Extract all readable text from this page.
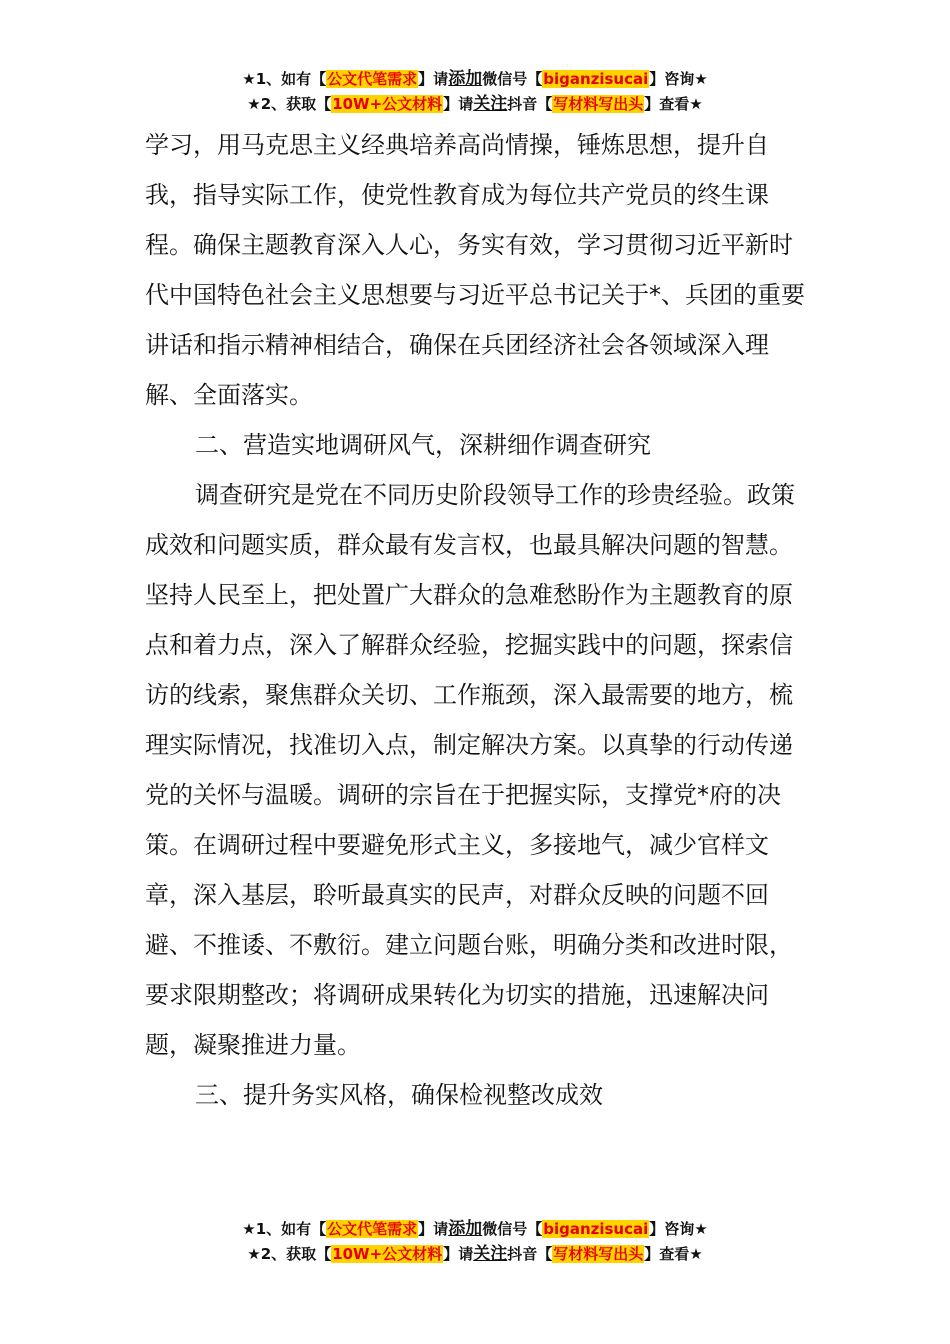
★1、如有【公文代笔需求】请添加微信号【biganzisucai】咨询★
★2、获取【10W+公文材料】请关注抖音【写材料写出头】查看★

学习，用马克思主义经典培养高尚情操，锤炼思想，提升自我，指导实际工作，使党性教育成为每位共产党员的终生课程。确保主题教育深入人心，务实有效，学习贯彻习近平新时代中国特色社会主义思想要与习近平总书记关于*、兵团的重要讲话和指示精神相结合，确保在兵团经济社会各领域深入理解、全面落实。

二、营造实地调研风气，深耕细作调查研究

调查研究是党在不同历史阶段领导工作的珍贵经验。政策成效和问题实质，群众最有发言权，也最具解决问题的智慧。坚持人民至上，把处置广大群众的急难愁盼作为主题教育的原点和着力点，深入了解群众经验，挖掘实践中的问题，探索信访的线索，聚焦群众关切、工作瓶颈，深入最需要的地方，梳理实际情况，找准切入点，制定解决方案。以真挚的行动传递党的关怀与温暖。调研的宗旨在于把握实际，支撑党*府的决策。在调研过程中要避免形式主义，多接地气，减少官样文章，深入基层，聆听最真实的民声，对群众反映的问题不回避、不推诿、不敷衍。建立问题台账，明确分类和改进时限，要求限期整改；将调研成果转化为切实的措施，迅速解决问题，凝聚推进力量。

三、提升务实风格，确保检视整改成效

★1、如有【公文代笔需求】请添加微信号【biganzisucai】咨询★
★2、获取【10W+公文材料】请关注抖音【写材料写出头】查看★
